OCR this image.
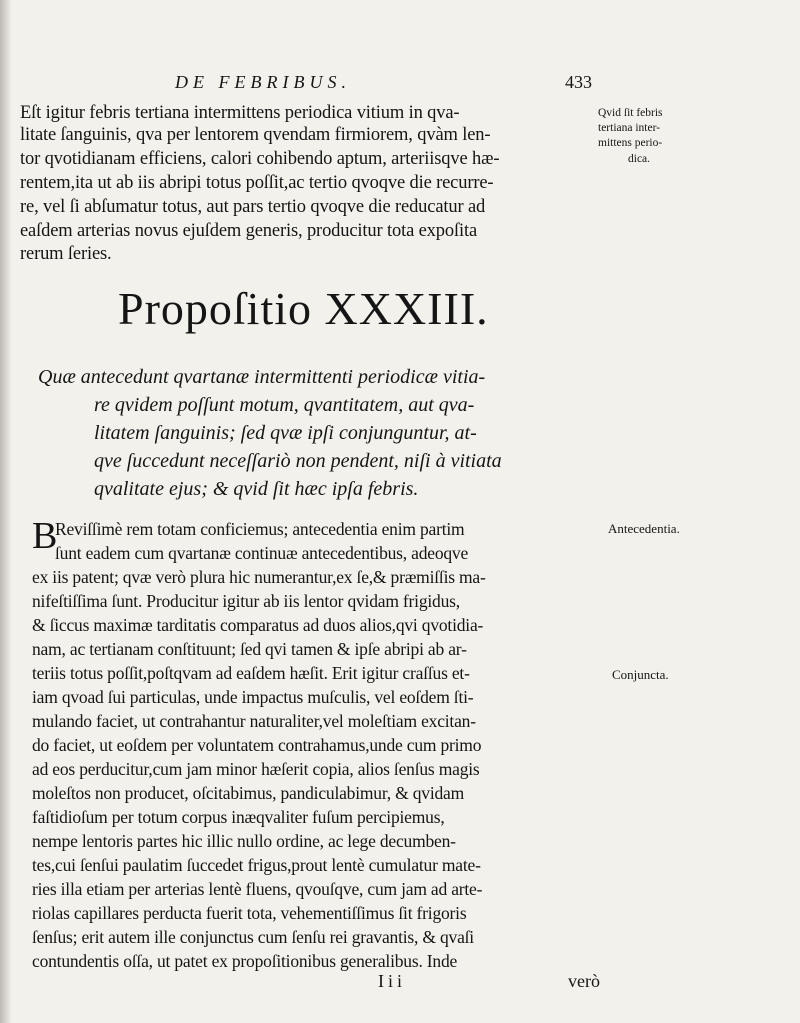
DE FEBRIBUS.	433
Eſt igitur febris tertiana intermittens periodica vitium in qva-
litate ſanguinis, qva per lentorem qvendam firmiorem, qvàm len-
tor qvotidianam efficiens, calori cohibendo aptum, arteriisqve hæ-
rentem,ita ut ab iis abripi totus poſſit,ac tertio qvoqve die recurre-
re, vel ſi abſumatur totus, aut pars tertio qvoqve die reducatur ad
eaſdem arterias novus ejuſdem generis, producitur tota expoſita
rerum ſeries.
Qvid ſit febris
tertiana inter-
mittens perio-
dica.
Propoſitio XXXIII.
Quæ antecedunt qvartanæ intermittenti periodicæ vitia-
re qvidem poſſunt motum, qvantitatem, aut qva-
litatem ſanguinis; ſed qvæ ipſi conjunguntur, at-
qve ſuccedunt neceſſariò non pendent, niſi à vitiata
qvalitate ejus; & qvid ſit hæc ipſa febris.
B
Reviſſimè rem totam conficiemus; antecedentia enim partim
ſunt eadem cum qvartanæ continuæ antecedentibus, adeoqve
ex iis patent; qvæ verò plura hic numerantur,ex ſe,& præmiſſis ma-
nifeſtiſſima ſunt. Producitur igitur ab iis lentor qvidam frigidus,
& ſiccus maximæ tarditatis comparatus ad duos alios,qvi qvotidia-
nam, ac tertianam conſtituunt; ſed qvi tamen & ipſe abripi ab ar-
teriis totus poſſit,poſtqvam ad eaſdem hæſit. Erit igitur craſſus et-
iam qvoad ſui particulas, unde impactus muſculis, vel eoſdem ſti-
mulando faciet, ut contrahantur naturaliter,vel moleſtiam excitan-
do faciet, ut eoſdem per voluntatem contrahamus,unde cum primo
ad eos perducitur,cum jam minor hæſerit copia, alios ſenſus magis
moleſtos non producet, oſcitabimus, pandiculabimur, & qvidam
faſtidioſum per totum corpus inæqvaliter fuſum percipiemus,
nempe lentoris partes hic illic nullo ordine, ac lege decumben-
tes,cui ſenſui paulatim ſuccedet frigus,prout lentè cumulatur mate-
ries illa etiam per arterias lentè fluens, qvouſqve, cum jam ad arte-
riolas capillares perducta fuerit tota, vehementiſſimus ſit frigoris
ſenſus; erit autem ille conjunctus cum ſenſu rei gravantis, & qvaſi
contundentis oſſa, ut patet ex propoſitionibus generalibus. Inde
Antecedentia.
Conjuncta.
Iii	verò
